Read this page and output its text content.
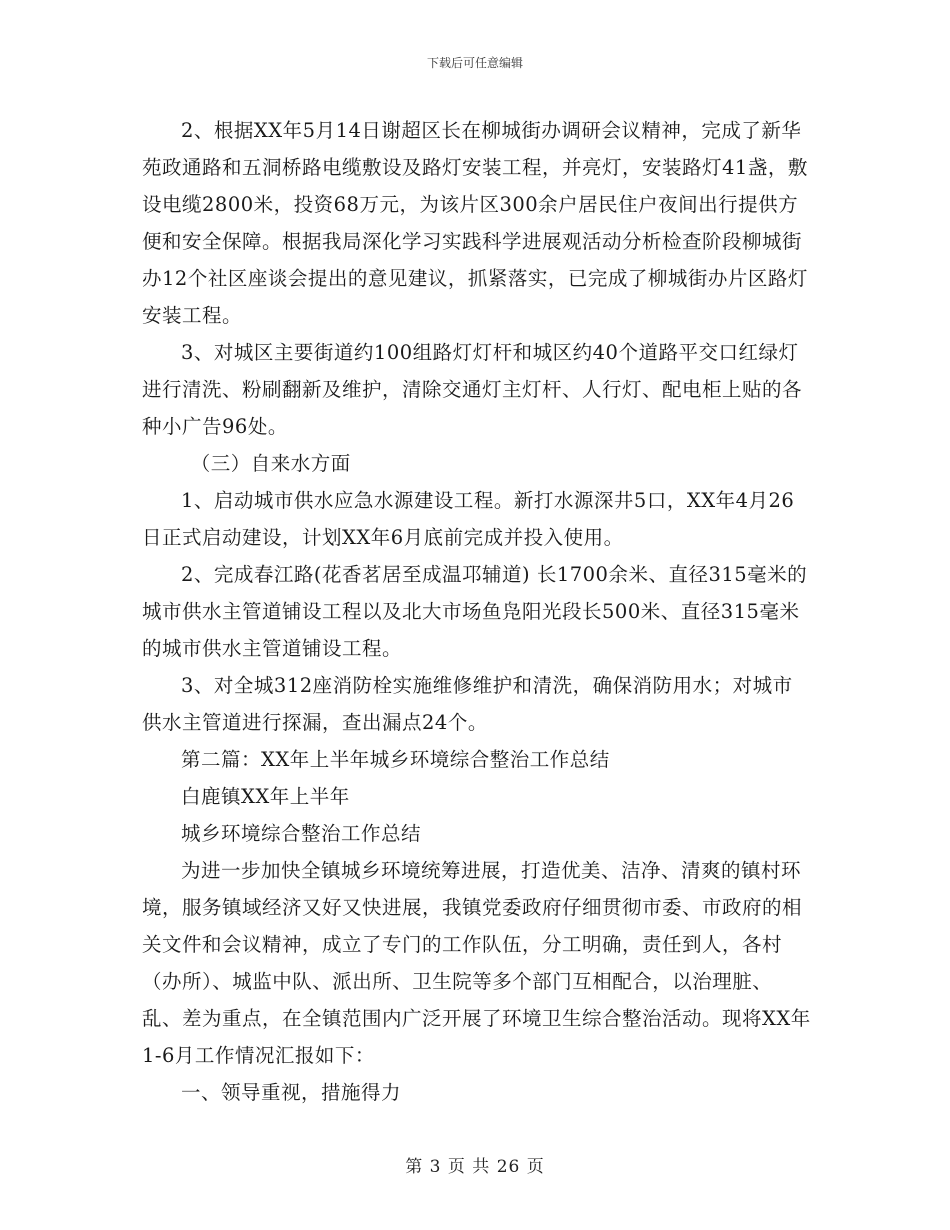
下载后可任意编辑

2、根据XX年5月14日谢超区长在柳城街办调研会议精神，完成了新华苑政通路和五洞桥路电缆敷设及路灯安装工程，并亮灯，安装路灯41盏，敷设电缆2800米，投资68万元，为该片区300余户居民住户夜间出行提供方便和安全保障。根据我局深化学习实践科学进展观活动分析检查阶段柳城街办12个社区座谈会提出的意见建议，抓紧落实，已完成了柳城街办片区路灯安装工程。

3、对城区主要街道约100组路灯灯杆和城区约40个道路平交口红绿灯进行清洗、粉刷翻新及维护，清除交通灯主灯杆、人行灯、配电柜上贴的各种小广告96处。

（三）自来水方面

1、启动城市供水应急水源建设工程。新打水源深井5口，XX年4月26日正式启动建设，计划XX年6月底前完成并投入使用。

2、完成春江路(花香茗居至成温邛辅道) 长1700余米、直径315毫米的城市供水主管道铺设工程以及北大市场鱼凫阳光段长500米、直径315毫米的城市供水主管道铺设工程。

3、对全城312座消防栓实施维修维护和清洗，确保消防用水；对城市供水主管道进行探漏，查出漏点24个。

第二篇：XX年上半年城乡环境综合整治工作总结

白鹿镇XX年上半年

城乡环境综合整治工作总结

为进一步加快全镇城乡环境统筹进展，打造优美、洁净、清爽的镇村环境，服务镇域经济又好又快进展，我镇党委政府仔细贯彻市委、市政府的相关文件和会议精神，成立了专门的工作队伍，分工明确，责任到人，各村（办所）、城监中队、派出所、卫生院等多个部门互相配合，以治理脏、乱、差为重点，在全镇范围内广泛开展了环境卫生综合整治活动。现将XX年1-6月工作情况汇报如下：

一、领导重视，措施得力

第 3 页 共 26 页
